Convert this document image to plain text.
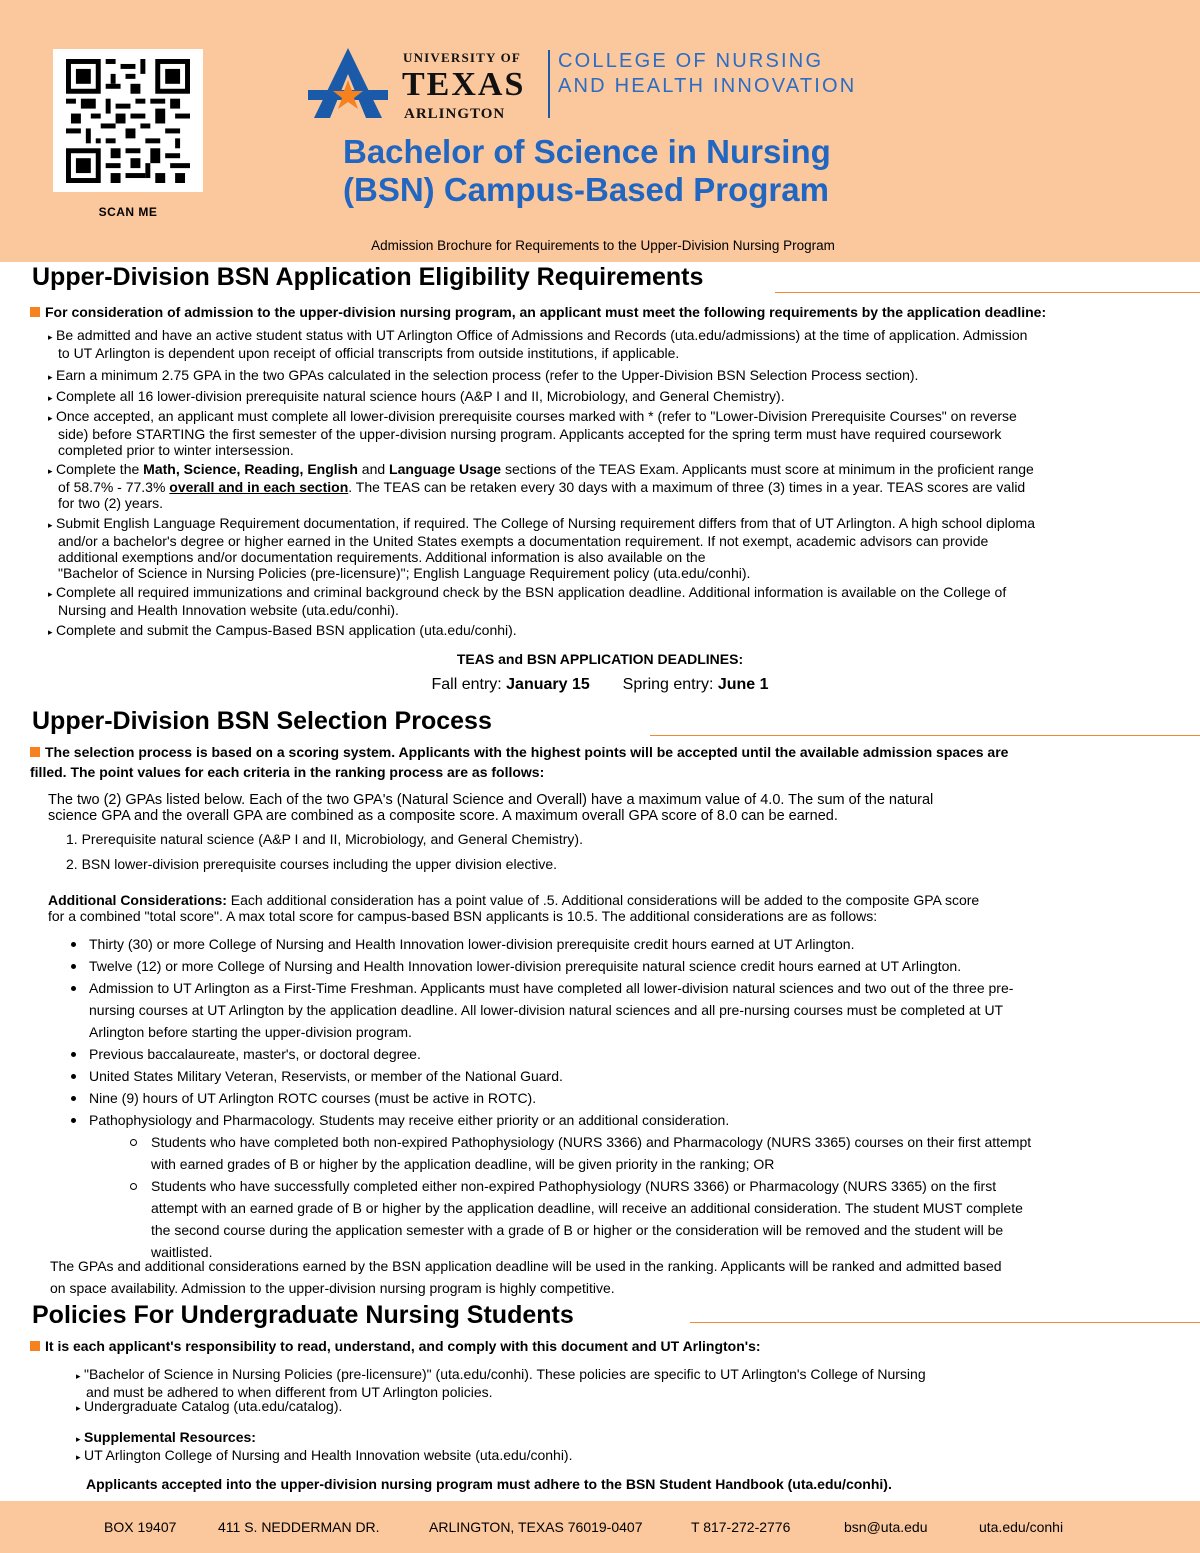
SCAN ME
UNIVERSITY OF
TEXAS
ARLINGTON
COLLEGE OF NURSING
AND HEALTH INNOVATION
Bachelor of Science in Nursing
(BSN) Campus-Based Program
Admission Brochure for Requirements to the Upper-Division Nursing Program
Upper-Division BSN Application Eligibility Requirements
For consideration of admission to the upper-division nursing program, an applicant must meet the following requirements by the application deadline:
▸ Be admitted and have an active student status with UT Arlington Office of Admissions and Records (uta.edu/admissions) at the time of application. Admission
to UT Arlington is dependent upon receipt of official transcripts from outside institutions, if applicable.
▸ Earn a minimum 2.75 GPA in the two GPAs calculated in the selection process (refer to the Upper-Division BSN Selection Process section).
▸ Complete all 16 lower-division prerequisite natural science hours (A&P I and II, Microbiology, and General Chemistry).
▸ Once accepted, an applicant must complete all lower-division prerequisite courses marked with * (refer to "Lower-Division Prerequisite Courses" on reverse
side) before STARTING the first semester of the upper-division nursing program. Applicants accepted for the spring term must have required coursework
completed prior to winter intersession.
▸ Complete the Math, Science, Reading, English and Language Usage sections of the TEAS Exam. Applicants must score at minimum in the proficient range
of 58.7% - 77.3% overall and in each section. The TEAS can be retaken every 30 days with a maximum of three (3) times in a year. TEAS scores are valid
for two (2) years.
▸ Submit English Language Requirement documentation, if required. The College of Nursing requirement differs from that of UT Arlington. A high school diploma
and/or a bachelor's degree or higher earned in the United States exempts a documentation requirement. If not exempt, academic advisors can provide
additional exemptions and/or documentation requirements. Additional information is also available on the
"Bachelor of Science in Nursing Policies (pre-licensure)"; English Language Requirement policy (uta.edu/conhi).
▸ Complete all required immunizations and criminal background check by the BSN application deadline. Additional information is available on the College of
Nursing and Health Innovation website (uta.edu/conhi).
▸ Complete and submit the Campus-Based BSN application (uta.edu/conhi).
TEAS and BSN APPLICATION DEADLINES:
Fall entry: January 15 Spring entry: June 1
Upper-Division BSN Selection Process
The selection process is based on a scoring system. Applicants with the highest points will be accepted until the available admission spaces are
filled. The point values for each criteria in the ranking process are as follows:
The two (2) GPAs listed below. Each of the two GPA's (Natural Science and Overall) have a maximum value of 4.0. The sum of the natural
science GPA and the overall GPA are combined as a composite score. A maximum overall GPA score of 8.0 can be earned.
1. Prerequisite natural science (A&P I and II, Microbiology, and General Chemistry).
2. BSN lower-division prerequisite courses including the upper division elective.
Additional Considerations: Each additional consideration has a point value of .5. Additional considerations will be added to the composite GPA score
for a combined "total score". A max total score for campus-based BSN applicants is 10.5. The additional considerations are as follows:
Thirty (30) or more College of Nursing and Health Innovation lower-division prerequisite credit hours earned at UT Arlington.
Twelve (12) or more College of Nursing and Health Innovation lower-division prerequisite natural science credit hours earned at UT Arlington.
Admission to UT Arlington as a First-Time Freshman. Applicants must have completed all lower-division natural sciences and two out of the three pre-
nursing courses at UT Arlington by the application deadline. All lower-division natural sciences and all pre-nursing courses must be completed at UT
Arlington before starting the upper-division program.
Previous baccalaureate, master's, or doctoral degree.
United States Military Veteran, Reservists, or member of the National Guard.
Nine (9) hours of UT Arlington ROTC courses (must be active in ROTC).
Pathophysiology and Pharmacology. Students may receive either priority or an additional consideration.
Students who have completed both non-expired Pathophysiology (NURS 3366) and Pharmacology (NURS 3365) courses on their first attempt
with earned grades of B or higher by the application deadline, will be given priority in the ranking; OR
Students who have successfully completed either non-expired Pathophysiology (NURS 3366) or Pharmacology (NURS 3365) on the first
attempt with an earned grade of B or higher by the application deadline, will receive an additional consideration. The student MUST complete
the second course during the application semester with a grade of B or higher or the consideration will be removed and the student will be
waitlisted.
The GPAs and additional considerations earned by the BSN application deadline will be used in the ranking. Applicants will be ranked and admitted based
on space availability. Admission to the upper-division nursing program is highly competitive.
Policies For Undergraduate Nursing Students
It is each applicant's responsibility to read, understand, and comply with this document and UT Arlington's:
▸ "Bachelor of Science in Nursing Policies (pre-licensure)" (uta.edu/conhi). These policies are specific to UT Arlington's College of Nursing
and must be adhered to when different from UT Arlington policies.
▸ Undergraduate Catalog (uta.edu/catalog).
▸ Supplemental Resources:
▸ UT Arlington College of Nursing and Health Innovation website (uta.edu/conhi).
Applicants accepted into the upper-division nursing program must adhere to the BSN Student Handbook (uta.edu/conhi).
BOX 19407	411 S. NEDDERMAN DR.	ARLINGTON, TEXAS 76019-0407	T 817-272-2776	bsn@uta.edu	uta.edu/conhi
